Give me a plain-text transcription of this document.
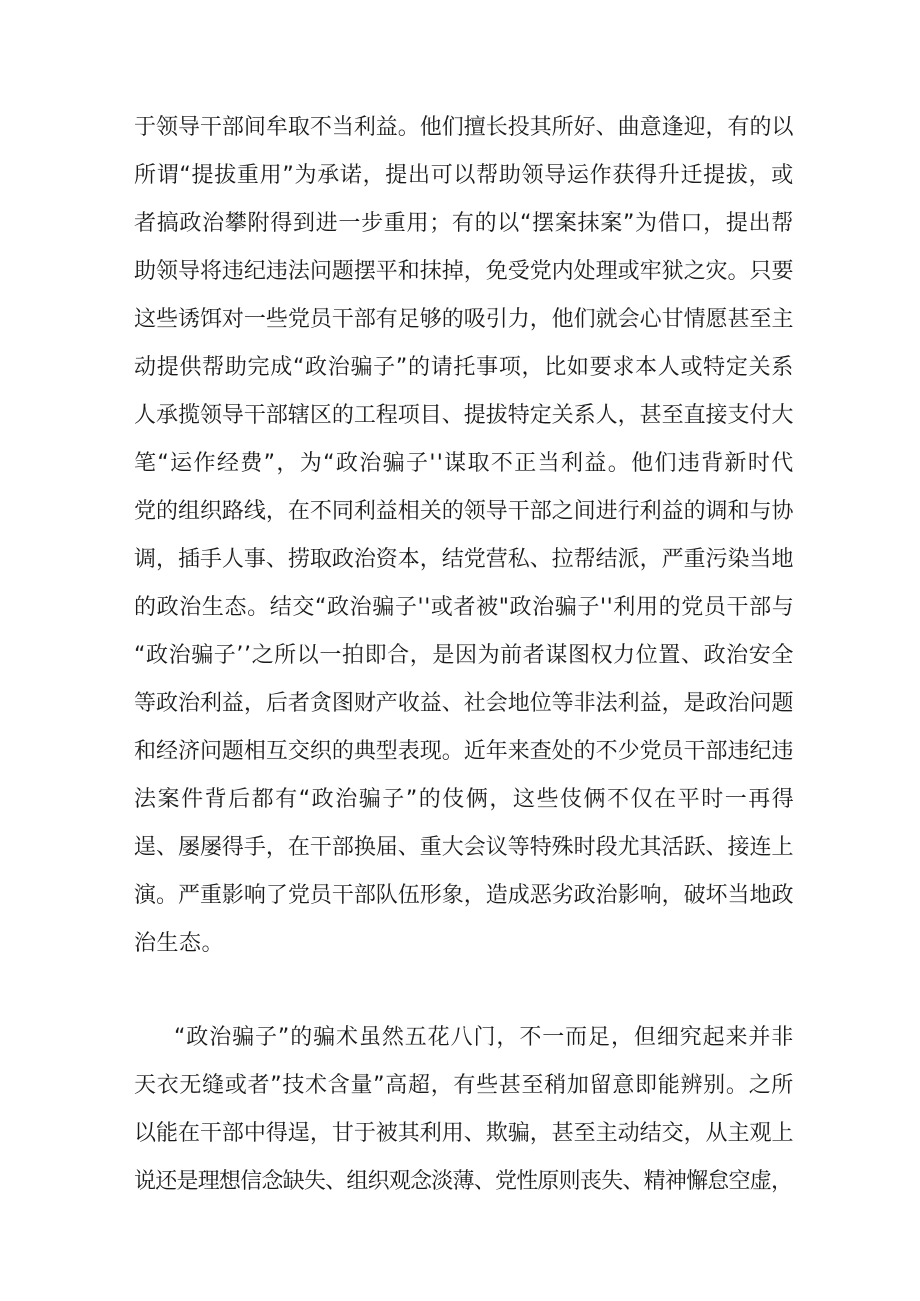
于领导干部间牟取不当利益。他们擅长投其所好、曲意逢迎，有的以
所谓“提拔重用”为承诺，提出可以帮助领导运作获得升迁提拔，或
者搞政治攀附得到进一步重用；有的以“摆案抹案”为借口，提出帮
助领导将违纪违法问题摆平和抹掉，免受党内处理或牢狱之灾。只要
这些诱饵对一些党员干部有足够的吸引力，他们就会心甘情愿甚至主
动提供帮助完成“政治骗子”的请托事项，比如要求本人或特定关系
人承揽领导干部辖区的工程项目、提拔特定关系人，甚至直接支付大
笔“运作经费”，为“政治骗子''谋取不正当利益。他们违背新时代
党的组织路线，在不同利益相关的领导干部之间进行利益的调和与协
调，插手人事、捞取政治资本，结党营私、拉帮结派，严重污染当地
的政治生态。结交“政治骗子''或者被"政治骗子''利用的党员干部与
“政治骗子’’之所以一拍即合，是因为前者谋图权力位置、政治安全
等政治利益，后者贪图财产收益、社会地位等非法利益，是政治问题
和经济问题相互交织的典型表现。近年来查处的不少党员干部违纪违
法案件背后都有“政治骗子”的伎俩，这些伎俩不仅在平时一再得
逞、屡屡得手，在干部换届、重大会议等特殊时段尤其活跃、接连上
演。严重影响了党员干部队伍形象，造成恶劣政治影响，破坏当地政
治生态。
“政治骗子”的骗术虽然五花八门，不一而足，但细究起来并非
天衣无缝或者”技术含量”高超，有些甚至稍加留意即能辨别。之所
以能在干部中得逞，甘于被其利用、欺骗，甚至主动结交，从主观上
说还是理想信念缺失、组织观念淡薄、党性原则丧失、精神懈怠空虚，
